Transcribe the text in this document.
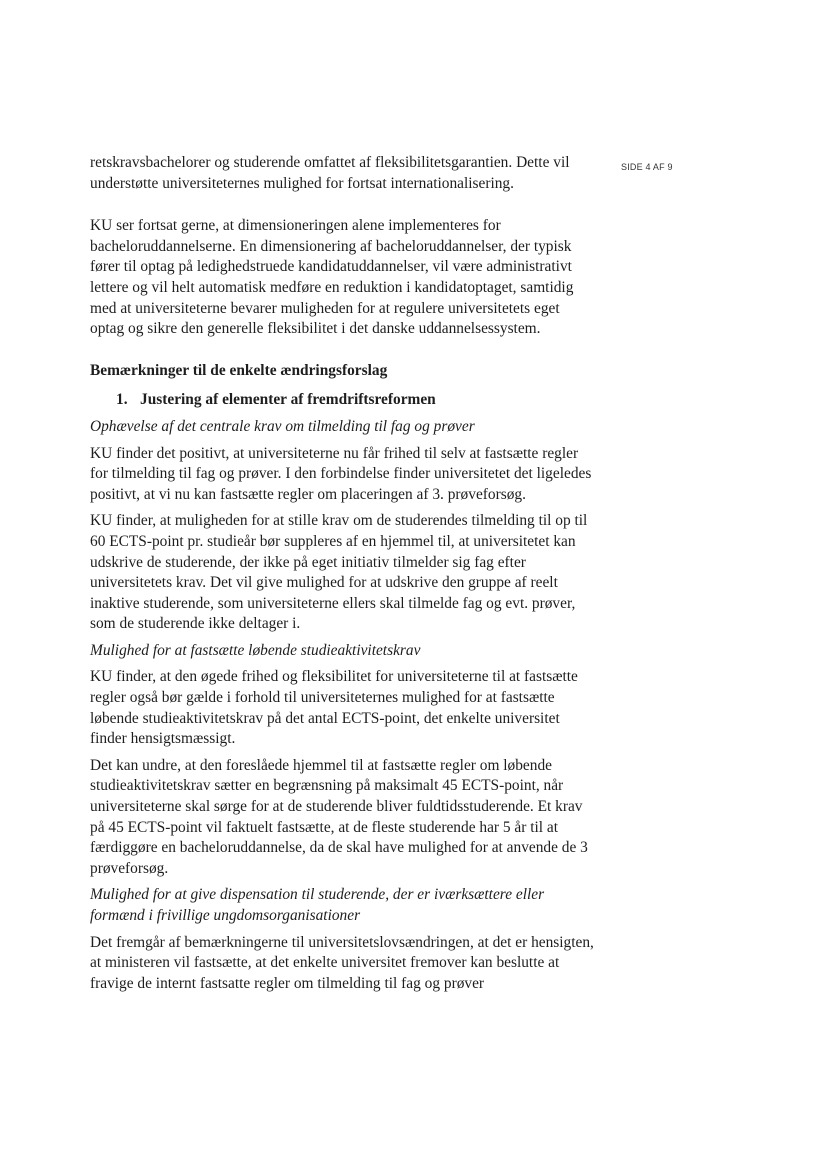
SIDE 4 AF 9

retskravsbachelorer og studerende omfattet af fleksibilitetsgarantien. Dette vil understøtte universiteternes mulighed for fortsat internationalisering.

KU ser fortsat gerne, at dimensioneringen alene implementeres for bacheloruddannelserne. En dimensionering af bacheloruddannelser, der typisk fører til optag på ledighedstruede kandidatuddannelser, vil være administrativt lettere og vil helt automatisk medføre en reduktion i kandidatoptaget, samtidig med at universiteterne bevarer muligheden for at regulere universitetets eget optag og sikre den generelle fleksibilitet i det danske uddannelsessystem.

Bemærkninger til de enkelte ændringsforslag

1. Justering af elementer af fremdriftsreformen

Ophævelse af det centrale krav om tilmelding til fag og prøver

KU finder det positivt, at universiteterne nu får frihed til selv at fastsætte regler for tilmelding til fag og prøver. I den forbindelse finder universitetet det ligeledes positivt, at vi nu kan fastsætte regler om placeringen af 3. prøveforsøg.

KU finder, at muligheden for at stille krav om de studerendes tilmelding til op til 60 ECTS-point pr. studieår bør suppleres af en hjemmel til, at universitetet kan udskrive de studerende, der ikke på eget initiativ tilmelder sig fag efter universitetets krav. Det vil give mulighed for at udskrive den gruppe af reelt inaktive studerende, som universiteterne ellers skal tilmelde fag og evt. prøver, som de studerende ikke deltager i.

Mulighed for at fastsætte løbende studieaktivitetskrav

KU finder, at den øgede frihed og fleksibilitet for universiteterne til at fastsætte regler også bør gælde i forhold til universiteternes mulighed for at fastsætte løbende studieaktivitetskrav på det antal ECTS-point, det enkelte universitet finder hensigtsmæssigt.

Det kan undre, at den foreslåede hjemmel til at fastsætte regler om løbende studieaktivitetskrav sætter en begrænsning på maksimalt 45 ECTS-point, når universiteterne skal sørge for at de studerende bliver fuldtidsstuderende. Et krav på 45 ECTS-point vil faktuelt fastsætte, at de fleste studerende har 5 år til at færdiggøre en bacheloruddannelse, da de skal have mulighed for at anvende de 3 prøveforsøg.

Mulighed for at give dispensation til studerende, der er iværksættere eller formænd i frivillige ungdomsorganisationer

Det fremgår af bemærkningerne til universitetslovsændringen, at det er hensigten, at ministeren vil fastsætte, at det enkelte universitet fremover kan beslutte at fravige de internt fastsatte regler om tilmelding til fag og prøver
